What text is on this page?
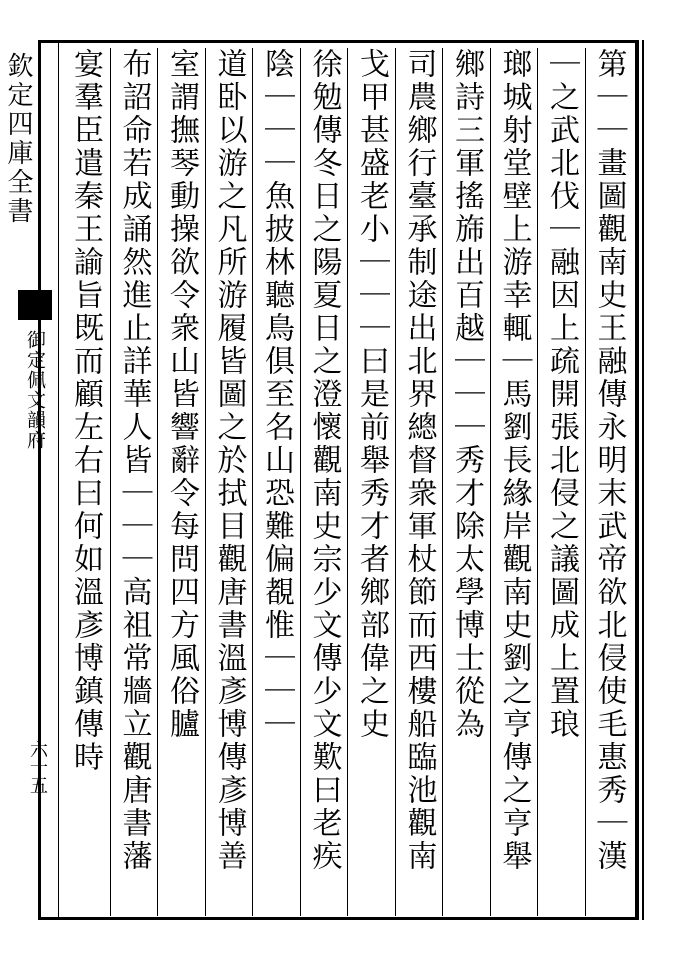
欽定四庫全書
御定佩文韻府
六十五	第｜｜畫圖觀南史王融傳永明末武帝欲北侵使毛惠秀｜漢
｜之武北伐｜融因上疏開張北侵之議圖成上置琅
瑯城射堂壁上游幸輒｜馬劉長緣岸觀南史劉之亨傳之亨舉
鄉詩三軍搖旆出百越｜｜｜秀才除太學博士從為
司農鄉行臺承制途出北界總督衆軍杖節而西樓船臨池觀南
戈甲甚盛老小｜｜｜曰是前舉秀才者鄉部偉之史
徐勉傳冬日之陽夏日之澄懷觀南史宗少文傳少文歎曰老疾
陰｜｜｜魚披林聽鳥俱至名山恐難偏覩惟｜｜｜
道卧以游之凡所游履皆圖之於拭目觀唐書溫彥博傳彥博善
室謂撫琴動操欲令衆山皆響辭令每問四方風俗臚
布詔命若成誦然進止詳華人皆｜｜｜高祖常牆立觀唐書藩
宴羣臣遣秦王諭旨既而顧左右曰何如溫彥博鎮傳時
